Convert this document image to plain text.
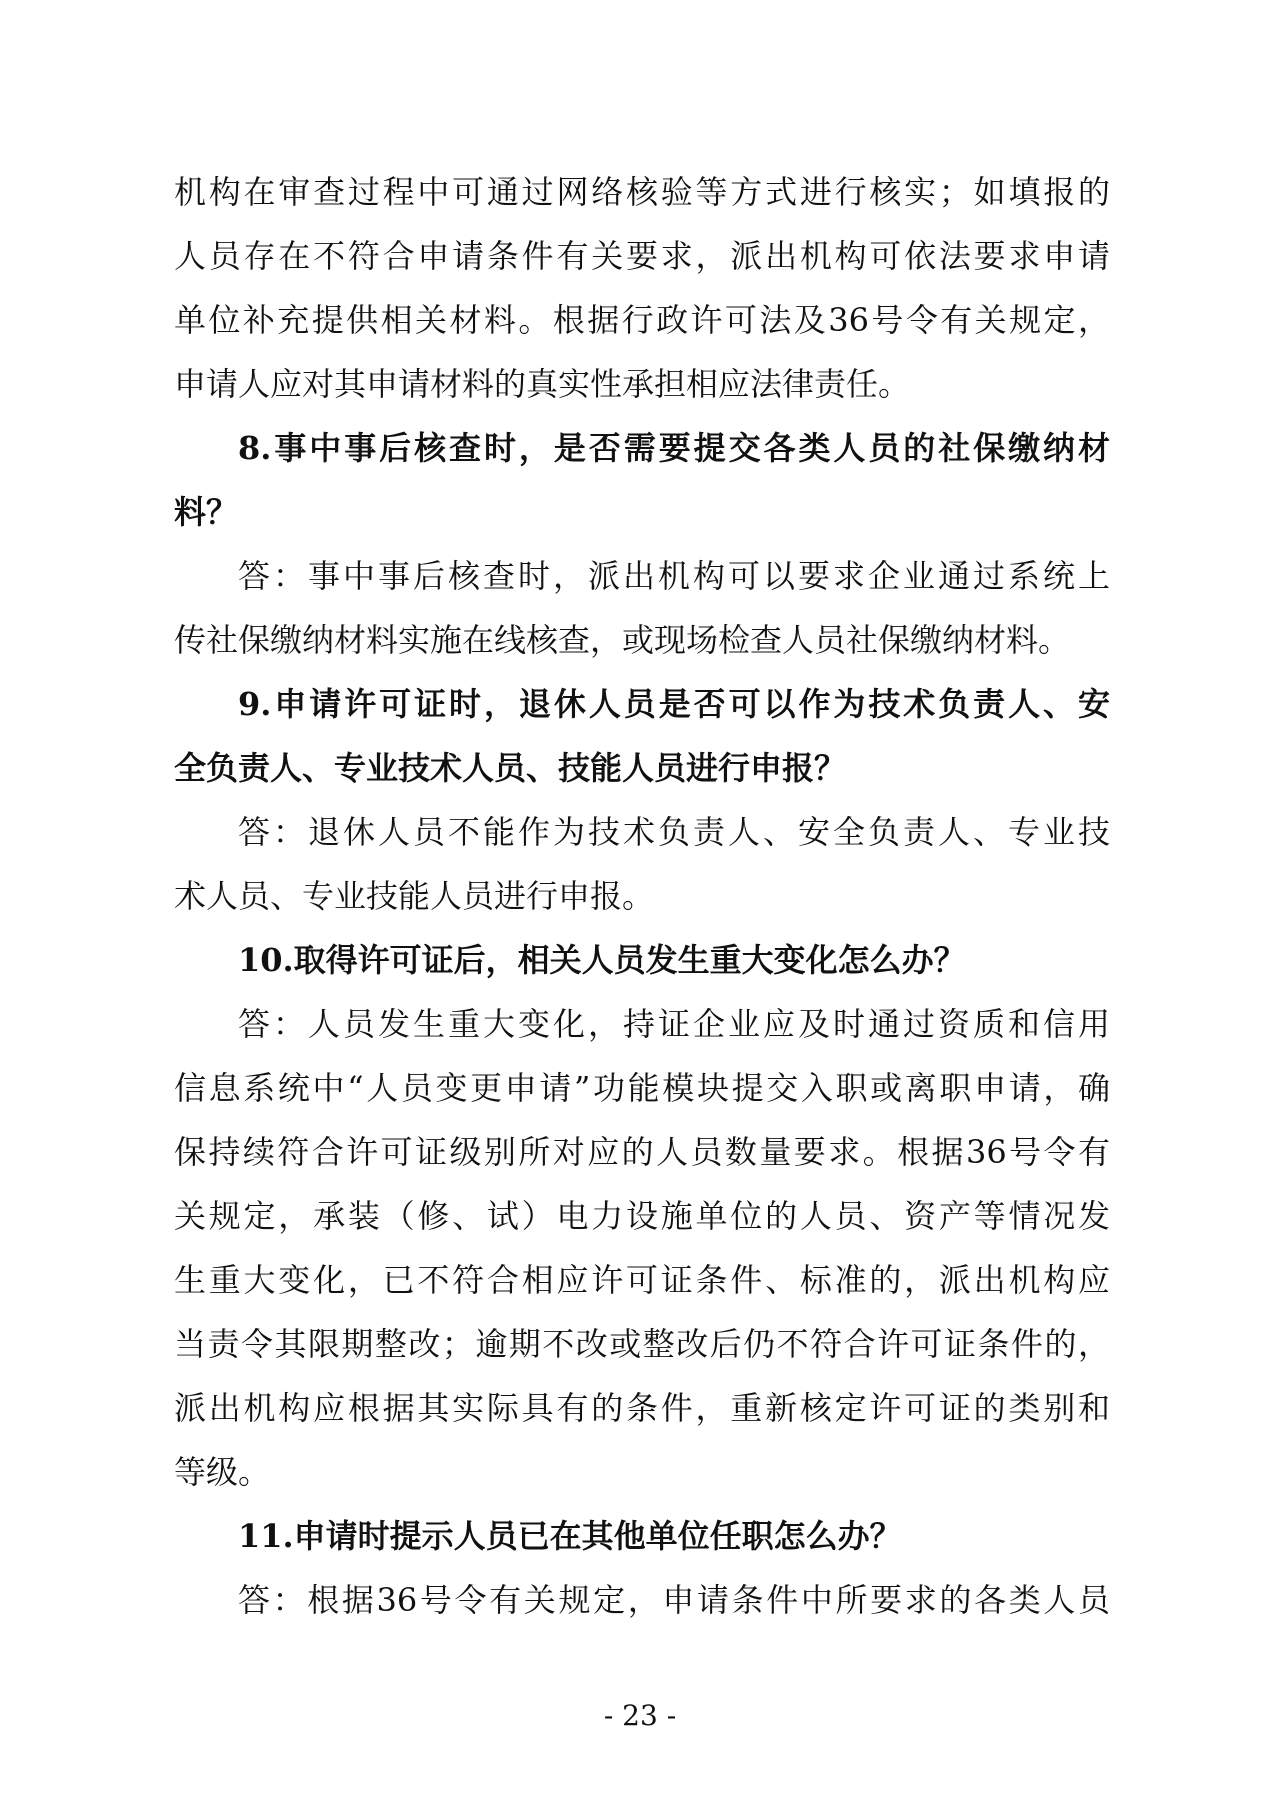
机构在审查过程中可通过网络核验等方式进行核实；如填报的
人员存在不符合申请条件有关要求，派出机构可依法要求申请
单位补充提供相关材料。根据行政许可法及36号令有关规定，
申请人应对其申请材料的真实性承担相应法律责任。
8.事中事后核查时，是否需要提交各类人员的社保缴纳材
料？
答：事中事后核查时，派出机构可以要求企业通过系统上
传社保缴纳材料实施在线核查，或现场检查人员社保缴纳材料。
9.申请许可证时，退休人员是否可以作为技术负责人、安
全负责人、专业技术人员、技能人员进行申报？
答：退休人员不能作为技术负责人、安全负责人、专业技
术人员、专业技能人员进行申报。
10.取得许可证后，相关人员发生重大变化怎么办？
答：人员发生重大变化，持证企业应及时通过资质和信用
信息系统中“人员变更申请”功能模块提交入职或离职申请，确
保持续符合许可证级别所对应的人员数量要求。根据36号令有
关规定，承装（修、试）电力设施单位的人员、资产等情况发
生重大变化，已不符合相应许可证条件、标准的，派出机构应
当责令其限期整改；逾期不改或整改后仍不符合许可证条件的，
派出机构应根据其实际具有的条件，重新核定许可证的类别和
等级。
11.申请时提示人员已在其他单位任职怎么办？
答：根据36号令有关规定，申请条件中所要求的各类人员
- 23 -
